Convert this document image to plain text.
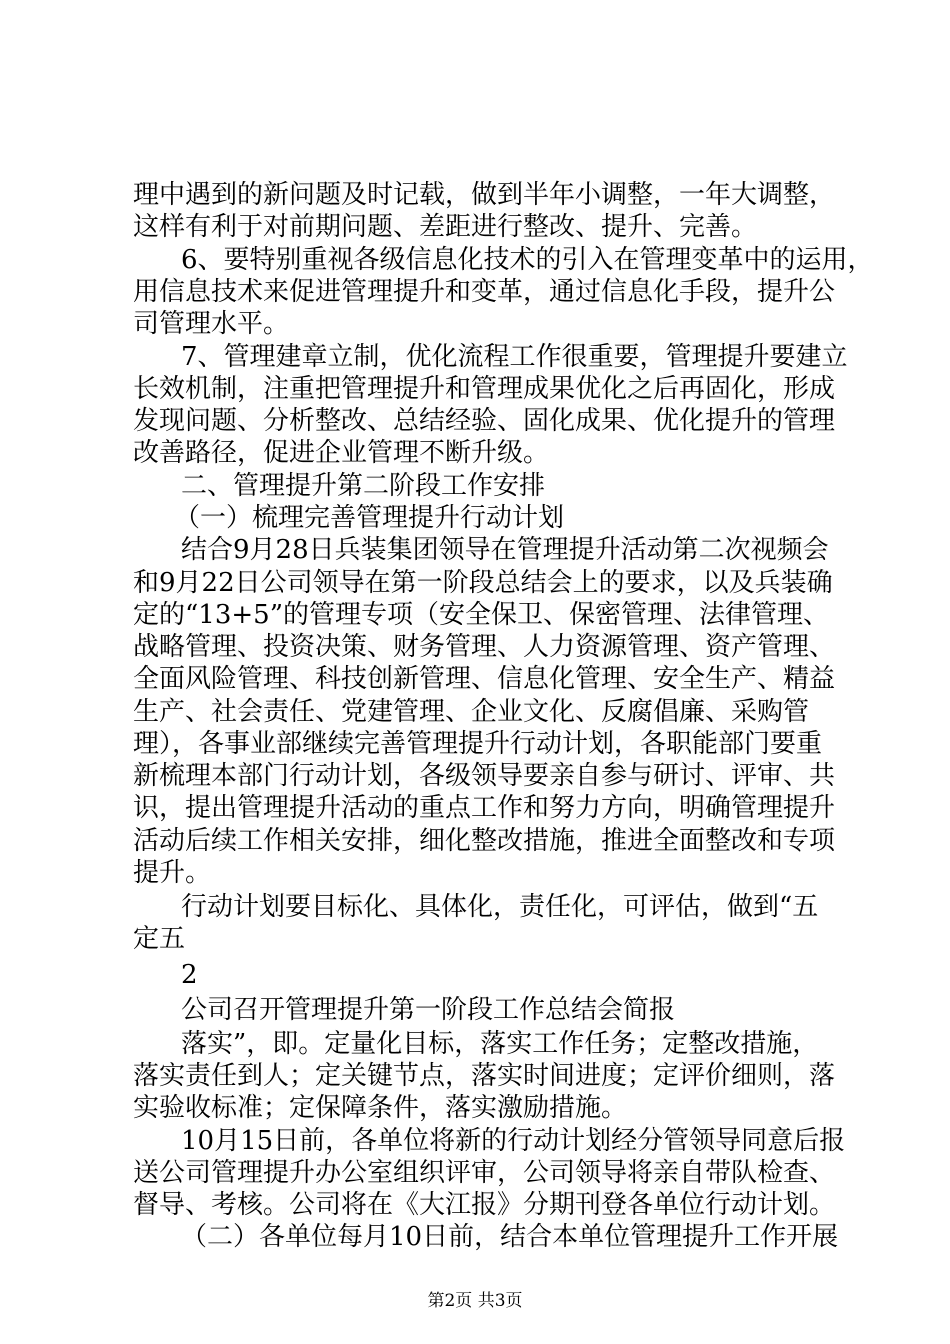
理中遇到的新问题及时记载，做到半年小调整，一年大调整，
这样有利于对前期问题、差距进行整改、提升、完善。
6、要特别重视各级信息化技术的引入在管理变革中的运用，
用信息技术来促进管理提升和变革，通过信息化手段，提升公
司管理水平。
7、管理建章立制，优化流程工作很重要，管理提升要建立
长效机制，注重把管理提升和管理成果优化之后再固化，形成
发现问题、分析整改、总结经验、固化成果、优化提升的管理
改善路径，促进企业管理不断升级。
二、管理提升第二阶段工作安排
（一）梳理完善管理提升行动计划
结合9月28日兵装集团领导在管理提升活动第二次视频会
和9月22日公司领导在第一阶段总结会上的要求，以及兵装确
定的“13+5”的管理专项（安全保卫、保密管理、法律管理、
战略管理、投资决策、财务管理、人力资源管理、资产管理、
全面风险管理、科技创新管理、信息化管理、安全生产、精益
生产、社会责任、党建管理、企业文化、反腐倡廉、采购管
理），各事业部继续完善管理提升行动计划，各职能部门要重
新梳理本部门行动计划，各级领导要亲自参与研讨、评审、共
识，提出管理提升活动的重点工作和努力方向，明确管理提升
活动后续工作相关安排，细化整改措施，推进全面整改和专项
提升。
行动计划要目标化、具体化，责任化，可评估，做到“五
定五
2
公司召开管理提升第一阶段工作总结会简报
落实”，即。定量化目标，落实工作任务；定整改措施，
落实责任到人；定关键节点，落实时间进度；定评价细则，落
实验收标准；定保障条件，落实激励措施。
10月15日前，各单位将新的行动计划经分管领导同意后报
送公司管理提升办公室组织评审，公司领导将亲自带队检查、
督导、考核。公司将在《大江报》分期刊登各单位行动计划。
（二）各单位每月10日前，结合本单位管理提升工作开展
第2页 共3页
